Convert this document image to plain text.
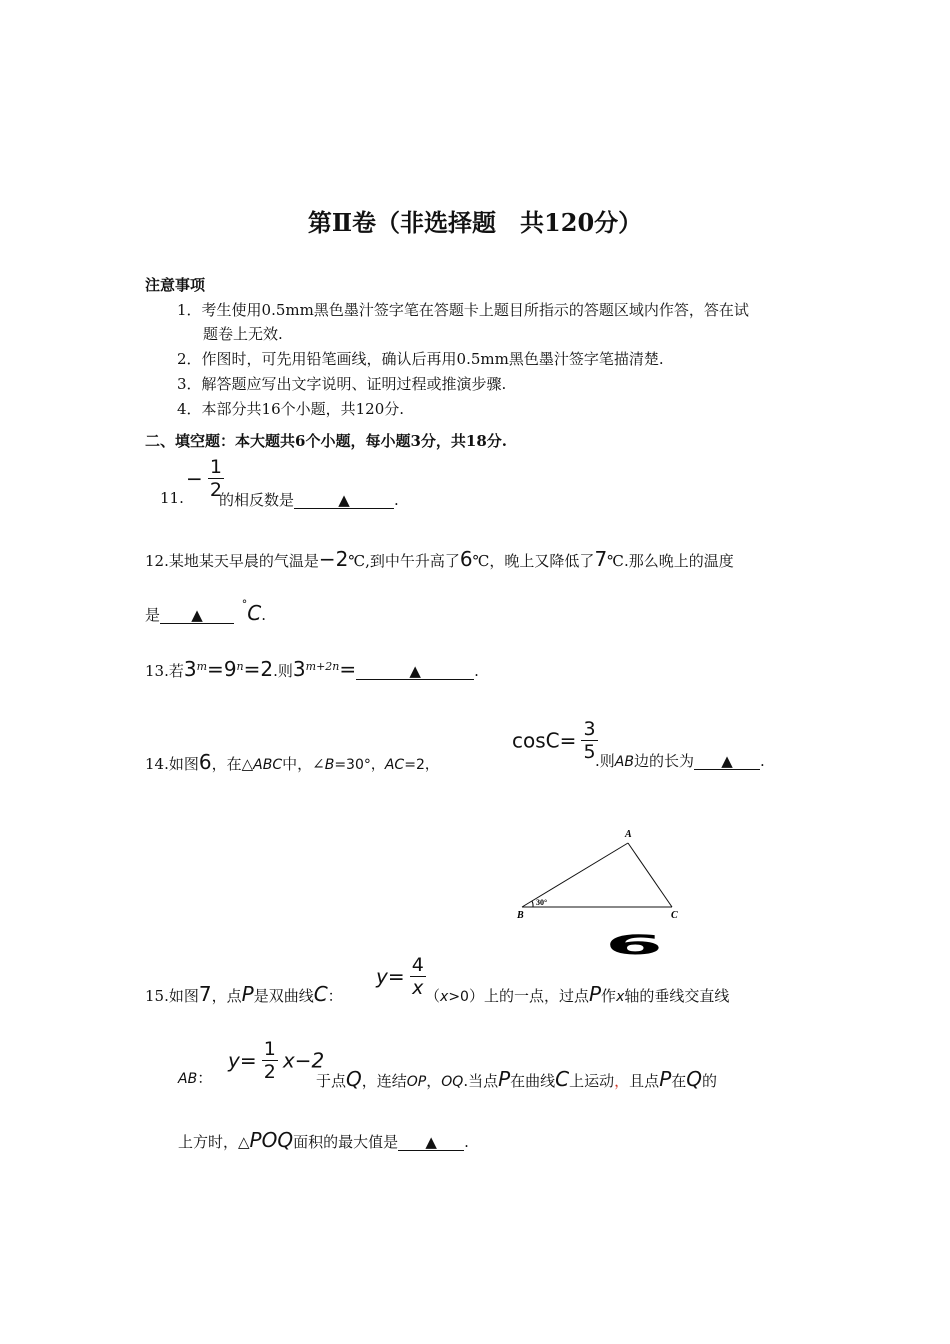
第Ⅱ卷（非选择题　共120分）
注意事项
1．考生使用0.5mm黑色墨汁签字笔在答题卡上题目所指示的答题区域内作答，答在试
题卷上无效.
2．作图时，可先用铅笔画线，确认后再用0.5mm黑色墨汁签字笔描清楚.
3．解答题应写出文字说明、证明过程或推演步骤.
4．本部分共16个小题，共120分.
二、填空题：本大题共6个小题，每小题3分，共18分.
11.
− $\frac{1}{2}$
的相反数是	▲	.
12.某地某天早晨的气温是−2℃,到中午升高了6℃，晚上又降低了7℃.那么晚上的温度
是 ▲ °C.
13.若$3^m=9^n=2$.则$3^{m+2n}=$	▲	.
14.如图6，在△ABC中，∠B=30°，AC=2，
$\cos C= \frac{3}{5}$
.则AB边的长为 ▲ .
A
B	C
30°
6
15.如图7，点P是双曲线C：
$y= \frac{4}{x} (x>0)$上的一点，过点P作x轴的垂线交直线
AB：
$y= \frac{1}{2} x-2$
于点Q，连结OP，OQ.当点P在曲线C上运动，且点P在Q的
上方时，△POQ面积的最大值是 ▲ .
